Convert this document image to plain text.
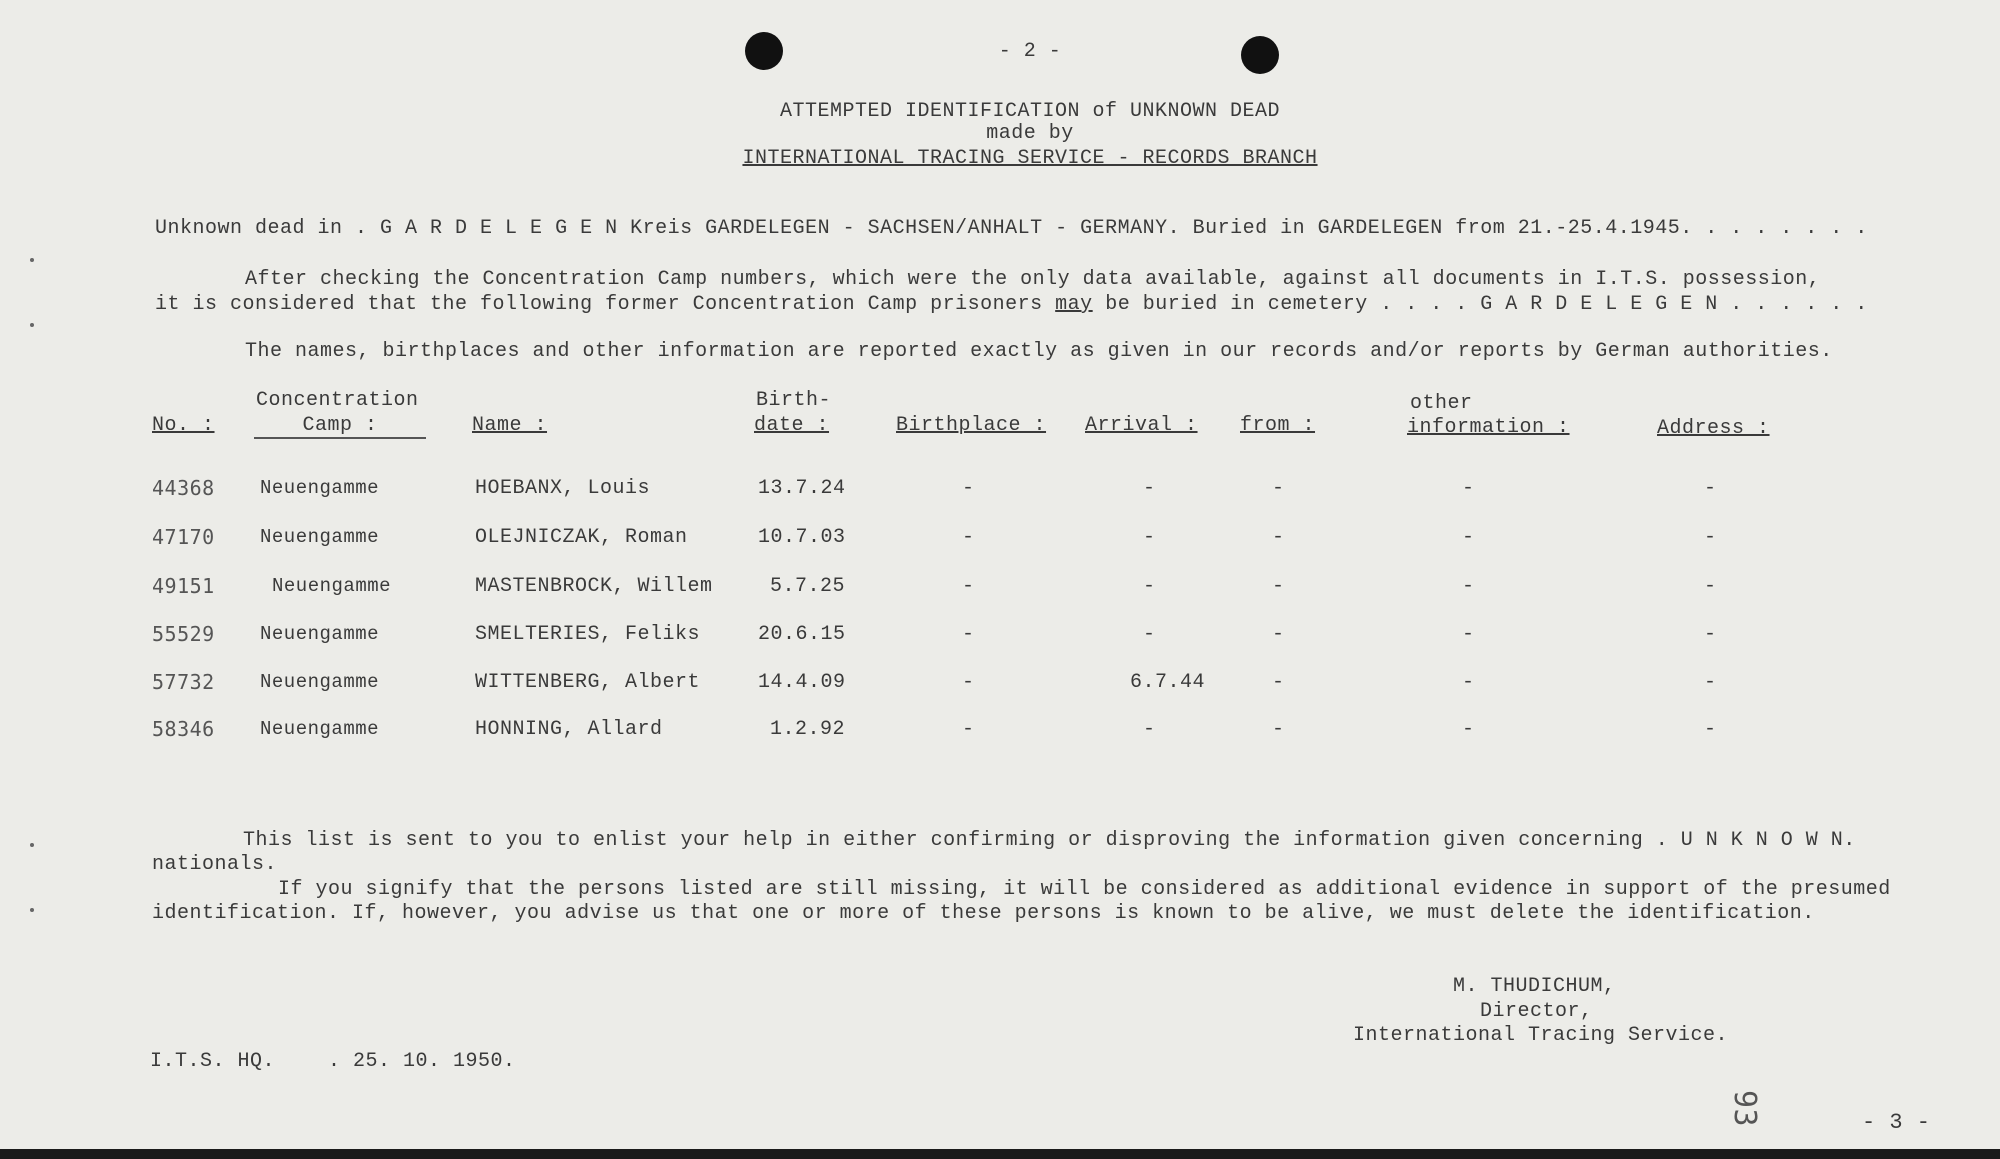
- 2 -
ATTEMPTED IDENTIFICATION of UNKNOWN DEAD
made by
INTERNATIONAL TRACING SERVICE - RECORDS BRANCH
Unknown dead in . G A R D E L E G E N Kreis GARDELEGEN - SACHSEN/ANHALT - GERMANY. Buried in GARDELEGEN from 21.-25.4.1945. . . . . . . .
After checking the Concentration Camp numbers, which were the only data available, against all documents in I.T.S. possession,
it is considered that the following former Concentration Camp prisoners may be buried in cemetery . . . . G A R D E L E G E N . . . . . .
The names, birthplaces and other information are reported exactly as given in our records and/or reports by German authorities.
No. :
Concentration
Camp :	Name :
Birth-
date :	Birthplace : Arrival : from :
other
information :	Address :
44368 Neuengamme	HOEBANX, Louis	13.7.24	-	-	-	-	-
47170 Neuengamme	OLEJNICZAK, Roman	10.7.03	-	-	-	-	-
49151	Neuengamme	MASTENBROCK, Willem	5.7.25	-	-	-	-	-
55529 Neuengamme	SMELTERIES, Feliks	20.6.15	-	-	-	-	-
57732 Neuengamme	WITTENBERG, Albert	14.4.09	-	6.7.44	-	-	-
58346 Neuengamme	HONNING, Allard	1.2.92	-	-	-	-	-
This list is sent to you to enlist your help in either confirming or disproving the information given concerning . U N K N O W N.
nationals.
If you signify that the persons listed are still missing, it will be considered as additional evidence in support of the presumed
identification. If, however, you advise us that one or more of these persons is known to be alive, we must delete the identification.
M. THUDICHUM,
Director,
International Tracing Service.
I.T.S. HQ.	. 25. 10. 1950.
93	- 3 -
